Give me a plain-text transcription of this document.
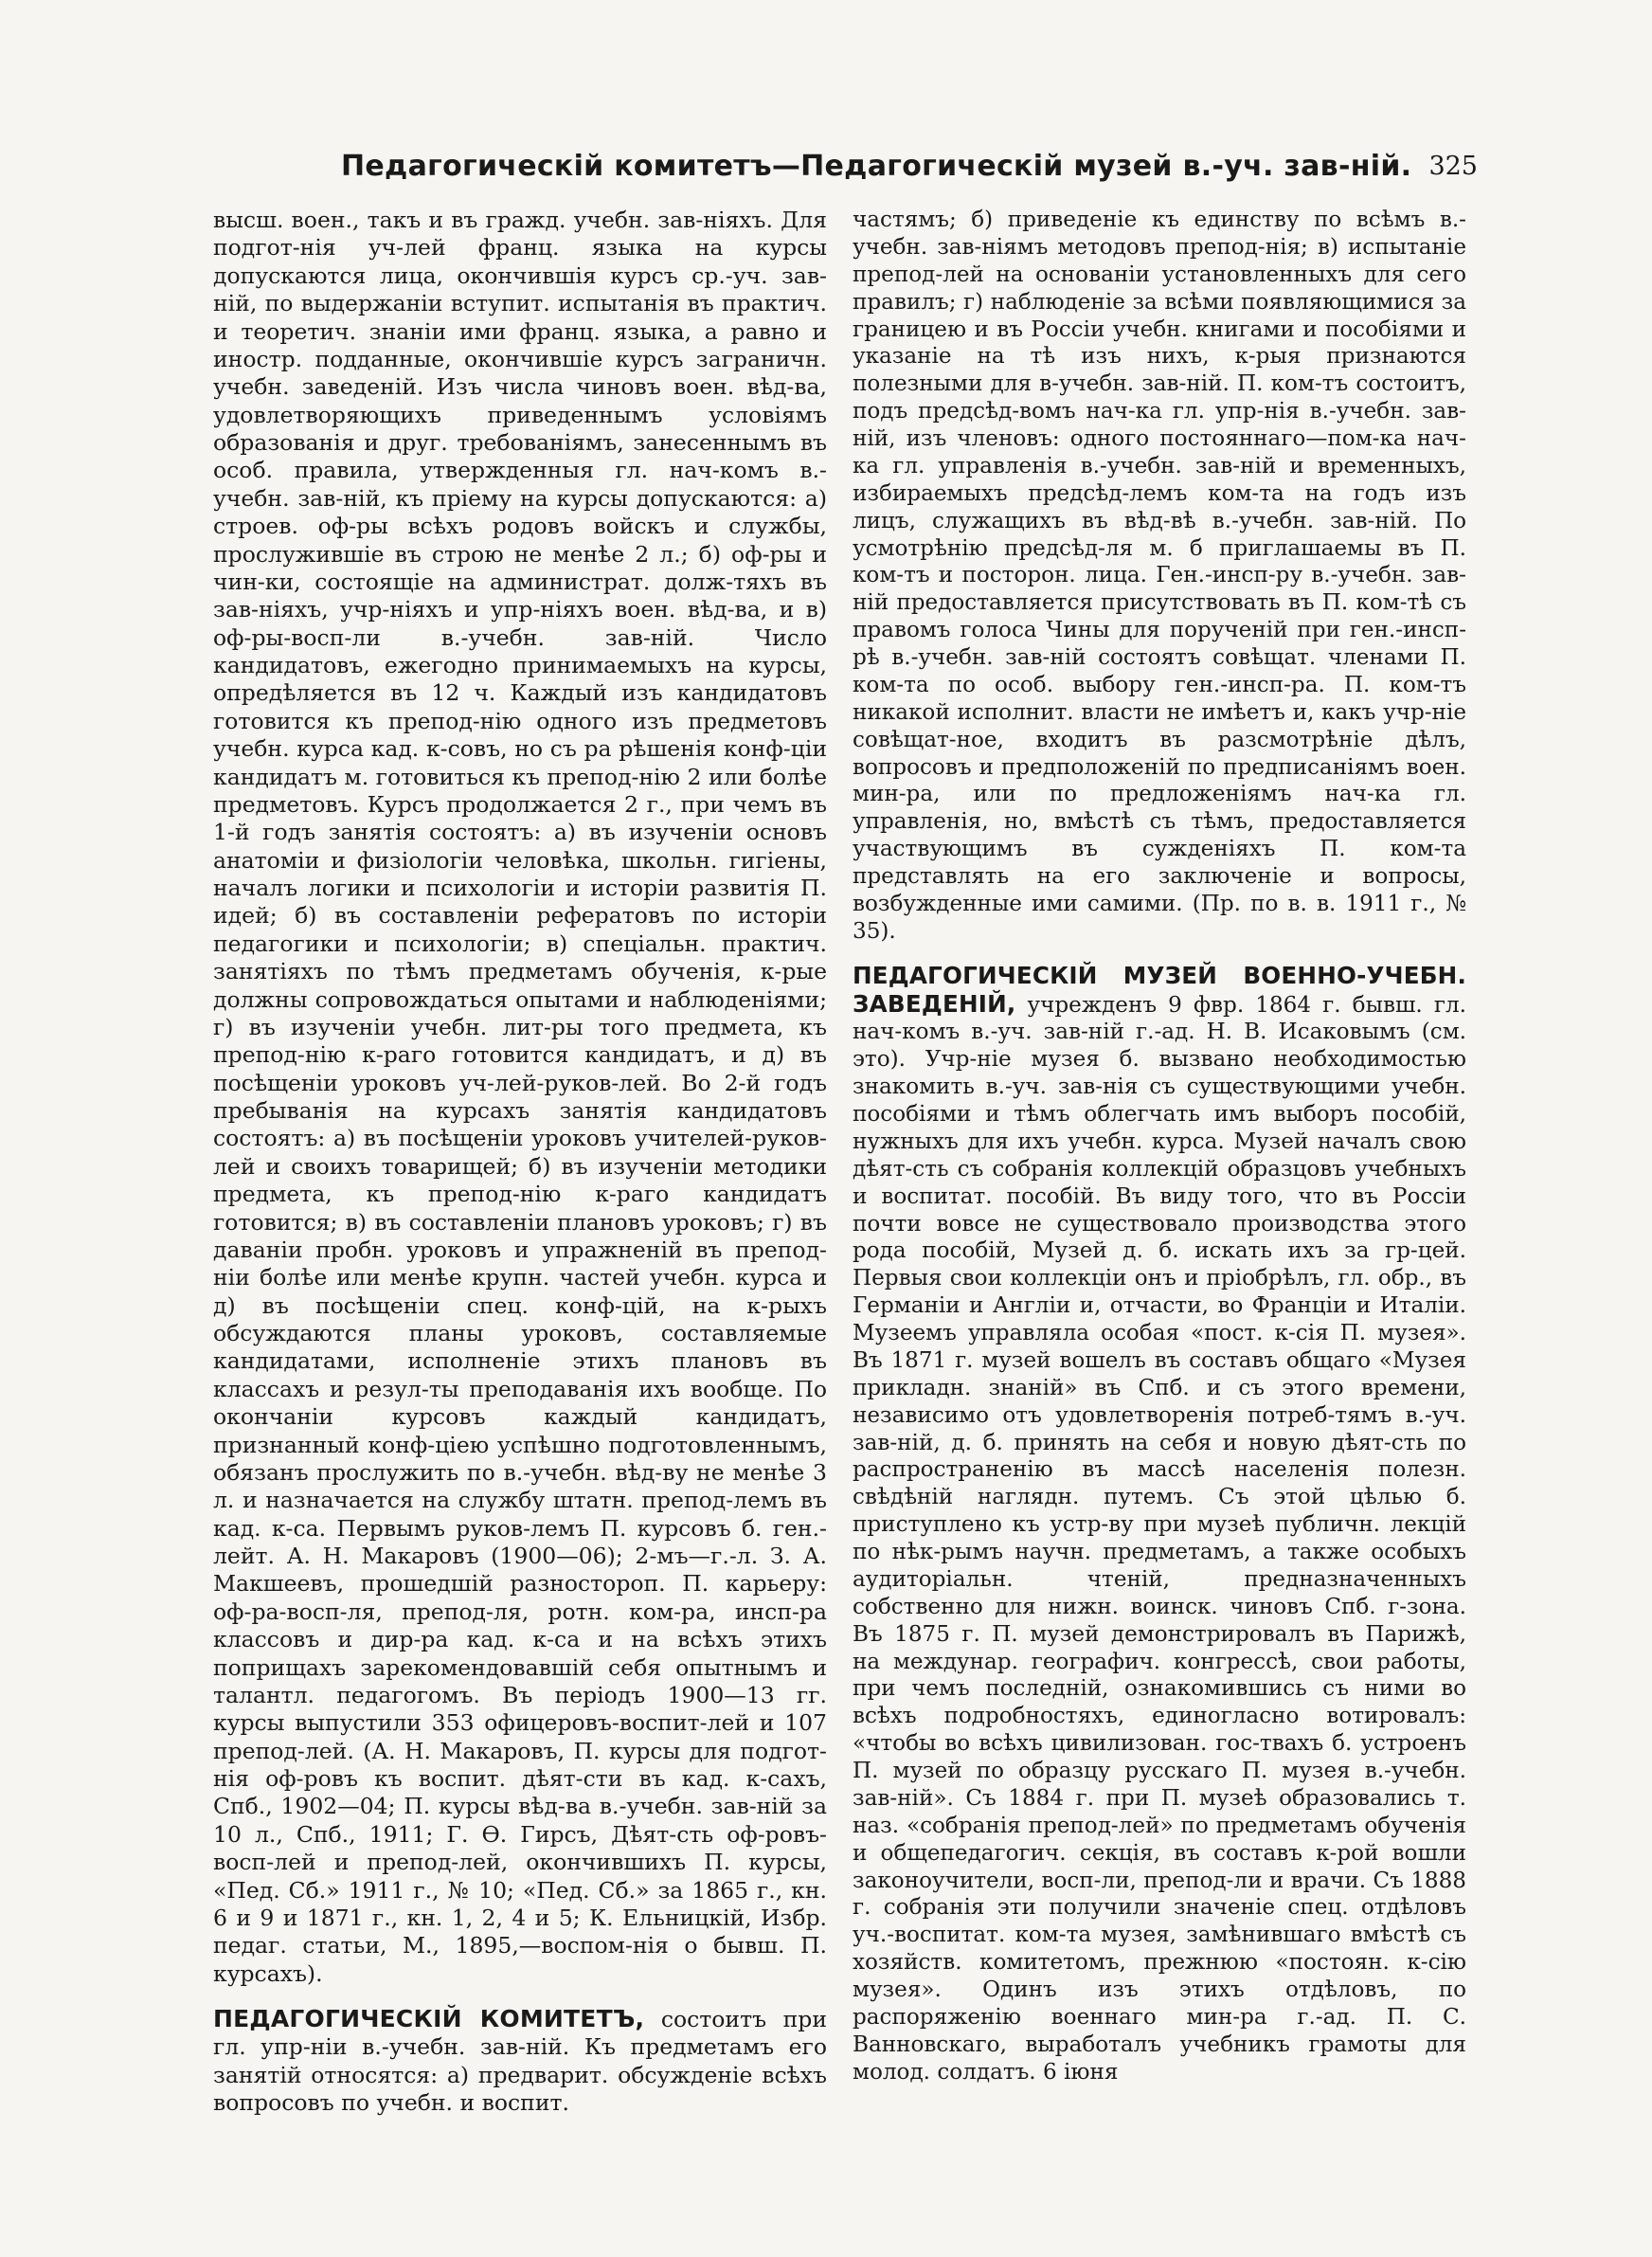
Педагогическій комитетъ—Педагогическій музей в.-уч. зав-ній. 325
высш. воен., такъ и въ гражд. учебн. зав-ніяхъ. Для подгот-нія уч-лей франц. языка на курсы допускаются лица, окончившія курсъ ср.-уч. зав-ній, по выдержаніи вступит. испытанія въ практич. и теоретич. знаніи ими франц. языка, а равно и иностр. подданные, окончившіе курсъ заграничн. учебн. заведеній. Изъ числа чиновъ воен. вѣд-ва, удовлетворяющихъ приведеннымъ условіямъ образованія и друг. требованіямъ, занесеннымъ въ особ. правила, утвержденныя гл. нач-комъ в.-учебн. зав-ній, къ пріему на курсы допускаются: а) строев. оф-ры всѣхъ родовъ войскъ и службы, прослужившіе въ строю не менѣе 2 л.; б) оф-ры и чин-ки, состоящіе на администрат. долж-тяхъ въ зав-ніяхъ, учр-ніяхъ и упр-ніяхъ воен. вѣд-ва, и в) оф-ры-восп-ли в.-учебн. зав-ній. Число кандидатовъ, ежегодно принимаемыхъ на курсы, опредѣляется въ 12 ч. Каждый изъ кандидатовъ готовится къ препод-нію одного изъ предметовъ учебн. курса кад. к-совъ, но съ ра рѣшенія конф-ціи кандидатъ м. готовиться къ препод-нію 2 или болѣе предметовъ. Курсъ продолжается 2 г., при чемъ въ 1-й годъ занятія состоятъ: а) въ изученіи основъ анатоміи и физіологіи человѣка, школьн. гигіены, началъ логики и психологіи и исторіи развитія П. идей; б) въ составленіи рефератовъ по исторіи педагогики и психологіи; в) спеціальн. практич. занятіяхъ по тѣмъ предметамъ обученія, к-рые должны сопровождаться опытами и наблюденіями; г) въ изученіи учебн. лит-ры того предмета, къ препод-нію к-раго готовится кандидатъ, и д) въ посѣщеніи уроковъ уч-лей-руков-лей. Во 2-й годъ пребыванія на курсахъ занятія кандидатовъ состоятъ: а) въ посѣщеніи уроковъ учителей-руков-лей и своихъ товарищей; б) въ изученіи методики предмета, къ препод-нію к-раго кандидатъ готовится; в) въ составленіи плановъ уроковъ; г) въ даваніи пробн. уроковъ и упражненій въ препод-ніи болѣе или менѣе крупн. частей учебн. курса и д) въ посѣщеніи спец. конф-цій, на к-рыхъ обсуждаются планы уроковъ, составляемые кандидатами, исполненіе этихъ плановъ въ классахъ и резул-ты преподаванія ихъ вообще. По окончаніи курсовъ каждый кандидатъ, признанный конф-ціею успѣшно подготовленнымъ, обязанъ прослужить по в.-учебн. вѣд-ву не менѣе 3 л. и назначается на службу штатн. препод-лемъ въ кад. к-са. Первымъ руков-лемъ П. курсовъ б. ген.-лейт. А. Н. Макаровъ (1900—06); 2-мъ—г.-л. З. А. Макшеевъ, прошедшій разностороп. П. карьеру: оф-ра-восп-ля, препод-ля, ротн. ком-ра, инсп-ра классовъ и дир-ра кад. к-са и на всѣхъ этихъ поприщахъ зарекомендовавшій себя опытнымъ и талантл. педагогомъ. Въ періодъ 1900—13 гг. курсы выпустили 353 офицеровъ-воспит-лей и 107 препод-лей. (А. Н. Макаровъ, П. курсы для подгот-нія оф-ровъ къ воспит. дѣят-сти въ кад. к-сахъ, Спб., 1902—04; П. курсы вѣд-ва в.-учебн. зав-ній за 10 л., Спб., 1911; Г. Ѳ. Гирсъ, Дѣят-сть оф-ровъ-восп-лей и препод-лей, окончившихъ П. курсы, «Пед. Сб.» 1911 г., № 10; «Пед. Сб.» за 1865 г., кн. 6 и 9 и 1871 г., кн. 1, 2, 4 и 5; К. Ельницкій, Избр. педаг. статьи, М., 1895,—воспом-нія о бывш. П. курсахъ).
ПЕДАГОГИЧЕСКІЙ КОМИТЕТЪ, состоитъ при гл. упр-ніи в.-учебн. зав-ній. Къ предметамъ его занятій относятся: а) предварит. обсужденіе всѣхъ вопросовъ по учебн. и воспит.
частямъ; б) приведеніе къ единству по всѣмъ в.-учебн. зав-ніямъ методовъ препод-нія; в) испытаніе препод-лей на основаніи установленныхъ для сего правилъ; г) наблюденіе за всѣми появляющимися за границею и въ Россіи учебн. книгами и пособіями и указаніе на тѣ изъ нихъ, к-рыя признаются полезными для в-учебн. зав-ній. П. ком-тъ состоитъ, подъ предсѣд-вомъ нач-ка гл. упр-нія в.-учебн. зав-ній, изъ членовъ: одного постояннаго—пом-ка нач-ка гл. управленія в.-учебн. зав-ній и временныхъ, избираемыхъ предсѣд-лемъ ком-та на годъ изъ лицъ, служащихъ въ вѣд-вѣ в.-учебн. зав-ній. По усмотрѣнію предсѣд-ля м. б приглашаемы въ П. ком-тъ и посторон. лица. Ген.-инсп-ру в.-учебн. зав-ній предоставляется присутствовать въ П. ком-тѣ съ правомъ голоса Чины для порученій при ген.-инсп-рѣ в.-учебн. зав-ній состоятъ совѣщат. членами П. ком-та по особ. выбору ген.-инсп-ра. П. ком-тъ никакой исполнит. власти не имѣетъ и, какъ учр-ніе совѣщат-ное, входитъ въ разсмотрѣніе дѣлъ, вопросовъ и предположеній по предписаніямъ воен. мин-ра, или по предложеніямъ нач-ка гл. управленія, но, вмѣстѣ съ тѣмъ, предоставляется участвующимъ въ сужденіяхъ П. ком-та представлять на его заключеніе и вопросы, возбужденные ими самими. (Пр. по в. в. 1911 г., № 35).
ПЕДАГОГИЧЕСКІЙ МУЗЕЙ ВОЕННО-УЧЕБН. ЗАВЕДЕНІЙ, учрежденъ 9 фвр. 1864 г. бывш. гл. нач-комъ в.-уч. зав-ній г.-ад. Н. В. Исаковымъ (см. это). Учр-ніе музея б. вызвано необходимостью знакомить в.-уч. зав-нія съ существующими учебн. пособіями и тѣмъ облегчать имъ выборъ пособій, нужныхъ для ихъ учебн. курса. Музей началъ свою дѣят-сть съ собранія коллекцій образцовъ учебныхъ и воспитат. пособій. Въ виду того, что въ Россіи почти вовсе не существовало производства этого рода пособій, Музей д. б. искать ихъ за гр-цей. Первыя свои коллекціи онъ и пріобрѣлъ, гл. обр., въ Германіи и Англіи и, отчасти, во Франціи и Италіи. Музеемъ управляла особая «пост. к-сія П. музея». Въ 1871 г. музей вошелъ въ составъ общаго «Музея прикладн. знаній» въ Спб. и съ этого времени, независимо отъ удовлетворенія потреб-тямъ в.-уч. зав-ній, д. б. принять на себя и новую дѣят-сть по распространенію въ массѣ населенія полезн. свѣдѣній наглядн. путемъ. Съ этой цѣлью б. приступлено къ устр-ву при музеѣ публичн. лекцій по нѣк-рымъ научн. предметамъ, а также особыхъ аудиторіальн. чтеній, предназначенныхъ собственно для нижн. воинск. чиновъ Спб. г-зона. Въ 1875 г. П. музей демонстрировалъ въ Парижѣ, на междунар. географич. конгрессѣ, свои работы, при чемъ последній, ознакомившись съ ними во всѣхъ подробностяхъ, единогласно вотировалъ: «чтобы во всѣхъ цивилизован. гос-твахъ б. устроенъ П. музей по образцу русскаго П. музея в.-учебн. зав-ній». Съ 1884 г. при П. музеѣ образовались т. наз. «собранія препод-лей» по предметамъ обученія и общепедагогич. секція, въ составъ к-рой вошли законоучители, восп-ли, препод-ли и врачи. Съ 1888 г. собранія эти получили значеніе спец. отдѣловъ уч.-воспитат. ком-та музея, замѣнившаго вмѣстѣ съ хозяйств. комитетомъ, прежнюю «постоян. к-сію музея». Одинъ изъ этихъ отдѣловъ, по распоряженію военнаго мин-ра г.-ад. П. С. Ванновскаго, выработалъ учебникъ грамоты для молод. солдатъ. 6 іюня
